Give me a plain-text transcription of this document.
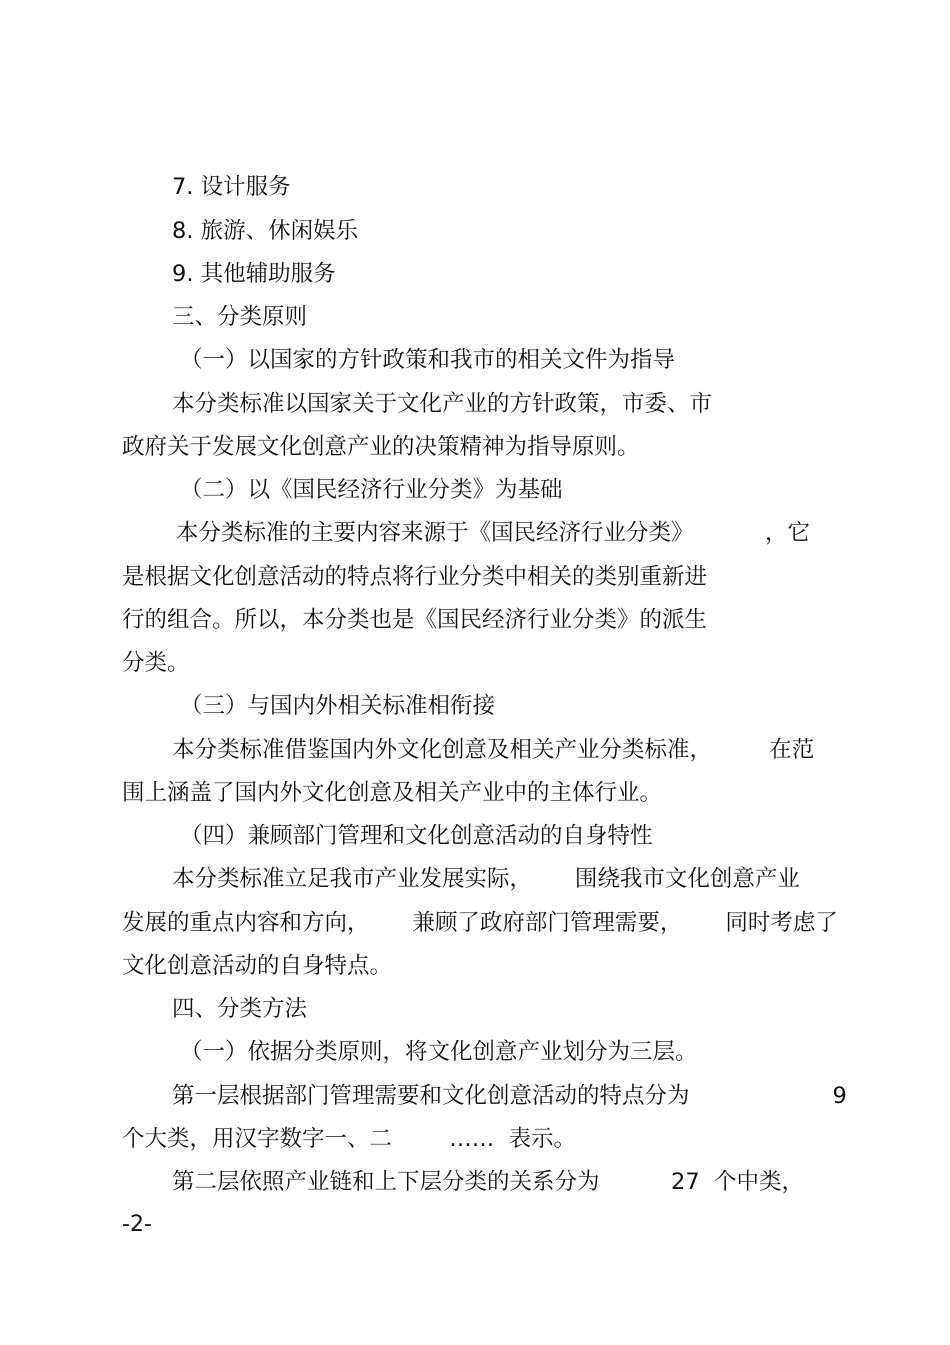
7. 设计服务
8. 旅游、休闲娱乐
9. 其他辅助服务
三、分类原则
（一）以国家的方针政策和我市的相关文件为指导
本分类标准以国家关于文化产业的方针政策，市委、市
政府关于发展文化创意产业的决策精神为指导原则。
（二）以《国民经济行业分类》为基础
本分类标准的主要内容来源于《国民经济行业分类》          ，它
是根据文化创意活动的特点将行业分类中相关的类别重新进
行的组合。所以，本分类也是《国民经济行业分类》的派生
分类。
（三）与国内外相关标准相衔接
本分类标准借鉴国内外文化创意及相关产业分类标准，        在范
围上涵盖了国内外文化创意及相关产业中的主体行业。
（四）兼顾部门管理和文化创意活动的自身特性
本分类标准立足我市产业发展实际，      围绕我市文化创意产业
发展的重点内容和方向，      兼顾了政府部门管理需要，      同时考虑了
文化创意活动的自身特点。
四、分类方法
（一）依据分类原则，将文化创意产业划分为三层。
第一层根据部门管理需要和文化创意活动的特点分为                    9
个大类，用汉字数字一、二        ……  表示。
第二层依照产业链和上下层分类的关系分为          27  个中类，
-2-
